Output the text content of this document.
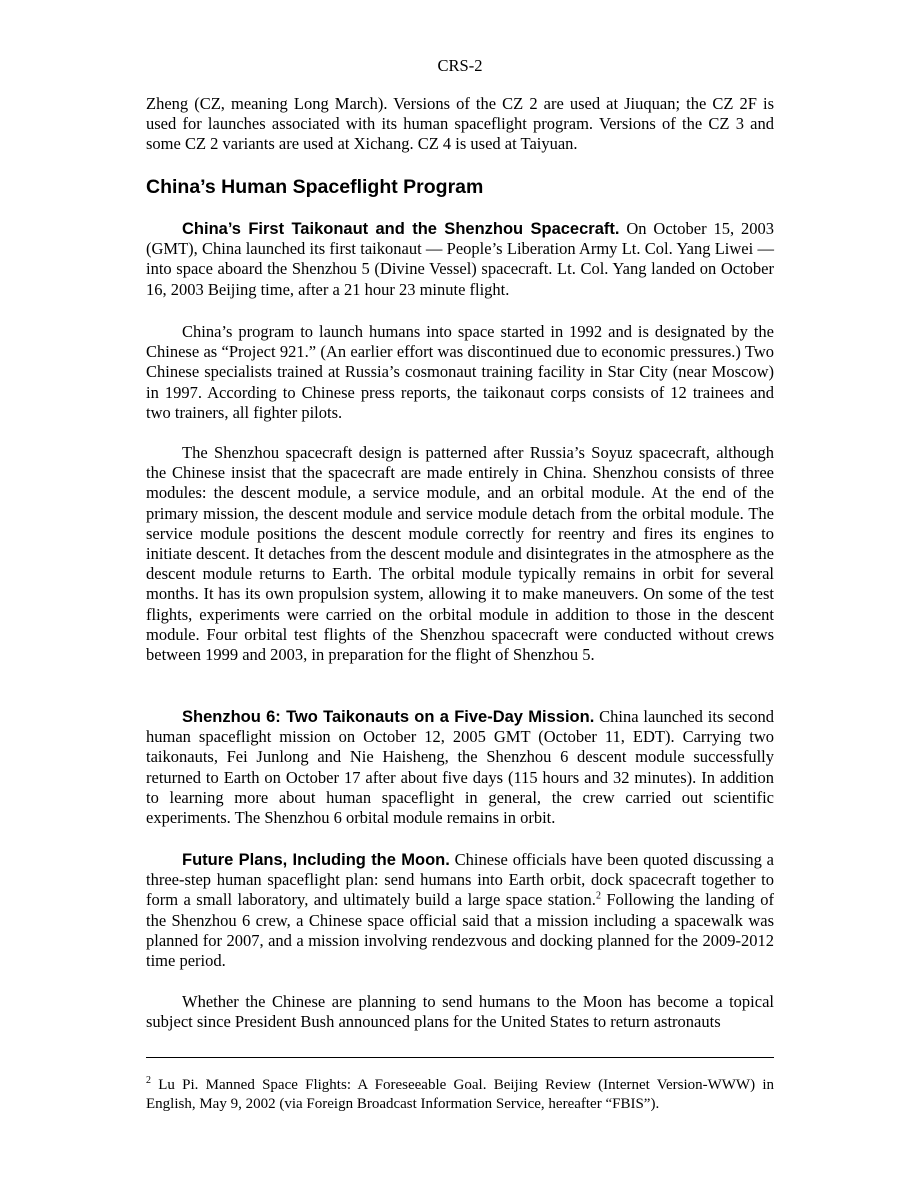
CRS-2

Zheng (CZ, meaning Long March). Versions of the CZ 2 are used at Jiuquan; the CZ 2F is used for launches associated with its human spaceflight program. Versions of the CZ 3 and some CZ 2 variants are used at Xichang. CZ 4 is used at Taiyuan.

China’s Human Spaceflight Program

China’s First Taikonaut and the Shenzhou Spacecraft. On October 15, 2003 (GMT), China launched its first taikonaut — People’s Liberation Army Lt. Col. Yang Liwei — into space aboard the Shenzhou 5 (Divine Vessel) spacecraft. Lt. Col. Yang landed on October 16, 2003 Beijing time, after a 21 hour 23 minute flight.

China’s program to launch humans into space started in 1992 and is designated by the Chinese as “Project 921.” (An earlier effort was discontinued due to economic pressures.) Two Chinese specialists trained at Russia’s cosmonaut training facility in Star City (near Moscow) in 1997. According to Chinese press reports, the taikonaut corps consists of 12 trainees and two trainers, all fighter pilots.

The Shenzhou spacecraft design is patterned after Russia’s Soyuz spacecraft, although the Chinese insist that the spacecraft are made entirely in China. Shenzhou consists of three modules: the descent module, a service module, and an orbital module. At the end of the primary mission, the descent module and service module detach from the orbital module. The service module positions the descent module correctly for reentry and fires its engines to initiate descent. It detaches from the descent module and disintegrates in the atmosphere as the descent module returns to Earth. The orbital module typically remains in orbit for several months. It has its own propulsion system, allowing it to make maneuvers. On some of the test flights, experiments were carried on the orbital module in addition to those in the descent module. Four orbital test flights of the Shenzhou spacecraft were conducted without crews between 1999 and 2003, in preparation for the flight of Shenzhou 5.

Shenzhou 6: Two Taikonauts on a Five-Day Mission. China launched its second human spaceflight mission on October 12, 2005 GMT (October 11, EDT). Carrying two taikonauts, Fei Junlong and Nie Haisheng, the Shenzhou 6 descent module successfully returned to Earth on October 17 after about five days (115 hours and 32 minutes). In addition to learning more about human spaceflight in general, the crew carried out scientific experiments. The Shenzhou 6 orbital module remains in orbit.

Future Plans, Including the Moon. Chinese officials have been quoted discussing a three-step human spaceflight plan: send humans into Earth orbit, dock spacecraft together to form a small laboratory, and ultimately build a large space station.$^2$ Following the landing of the Shenzhou 6 crew, a Chinese space official said that a mission including a spacewalk was planned for 2007, and a mission involving rendezvous and docking planned for the 2009-2012 time period.

Whether the Chinese are planning to send humans to the Moon has become a topical subject since President Bush announced plans for the United States to return astronauts

$^2$ Lu Pi. Manned Space Flights: A Foreseeable Goal. Beijing Review (Internet Version-WWW) in English, May 9, 2002 (via Foreign Broadcast Information Service, hereafter “FBIS”).
